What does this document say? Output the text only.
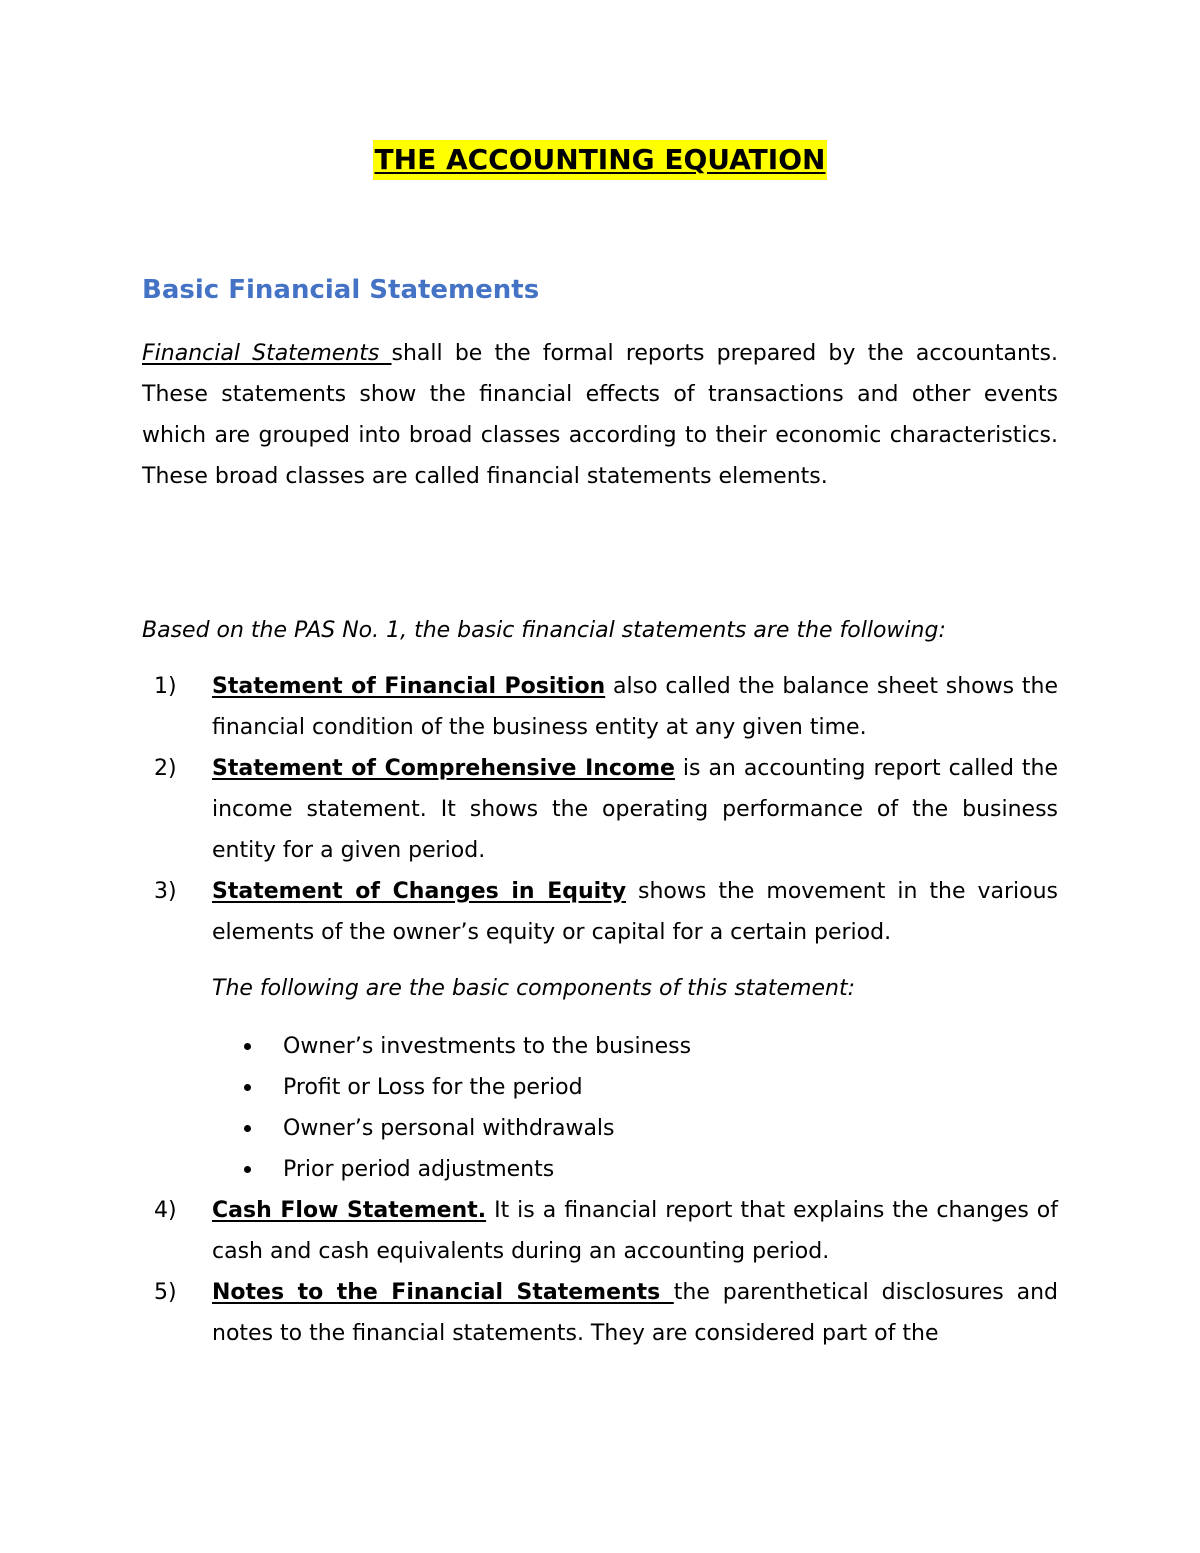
THE ACCOUNTING EQUATION
Basic Financial Statements
Financial Statements shall be the formal reports prepared by the accountants. These statements show the financial effects of transactions and other events which are grouped into broad classes according to their economic characteristics. These broad classes are called financial statements elements.
Based on the PAS No. 1, the basic financial statements are the following:
1)	Statement of Financial Position also called the balance sheet shows the financial condition of the business entity at any given time.
2)	Statement of Comprehensive Income is an accounting report called the income statement. It shows the operating performance of the business entity for a given period.
3)	Statement of Changes in Equity shows the movement in the various elements of the owner’s equity or capital for a certain period.
The following are the basic components of this statement:
Owner’s investments to the business
Profit or Loss for the period
Owner’s personal withdrawals
Prior period adjustments
4)	Cash Flow Statement. It is a financial report that explains the changes of cash and cash equivalents during an accounting period.
5)	Notes to the Financial Statements the parenthetical disclosures and notes to the financial statements. They are considered part of the
